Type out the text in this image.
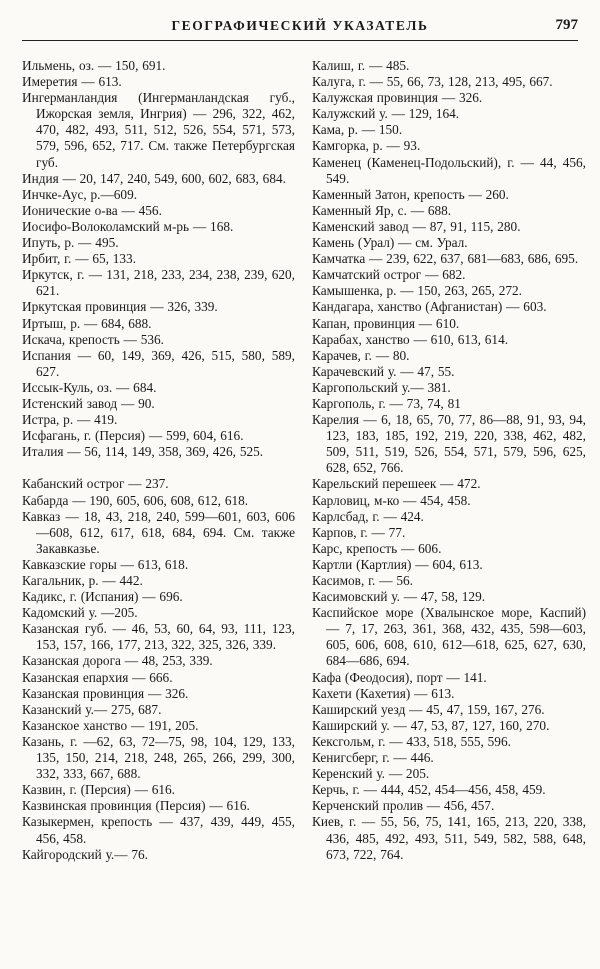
ГЕОГРАФИЧЕСКИЙ УКАЗАТЕЛЬ	797
Ильмень, оз. — 150, 691.
Имеретия — 613.
Ингерманландия (Ингерманландская губ., Ижорская земля, Ингрия) — 296, 322, 462, 470, 482, 493, 511, 512, 526, 554, 571, 573, 579, 596, 652, 717. См. также Петербургская губ.
Индия — 20, 147, 240, 549, 600, 602, 683, 684.
Инчке-Аус, р.—609.
Ионические о-ва — 456.
Иосифо-Волоколамский м-рь — 168.
Ипуть, р. — 495.
Ирбит, г. — 65, 133.
Иркутск, г. — 131, 218, 233, 234, 238, 239, 620, 621.
Иркутская провинция — 326, 339.
Иртыш, р. — 684, 688.
Искача, крепость — 536.
Испания — 60, 149, 369, 426, 515, 580, 589, 627.
Иссык-Куль, оз. — 684.
Истенский завод — 90.
Истра, р. — 419.
Исфагань, г. (Персия) — 599, 604, 616.
Италия — 56, 114, 149, 358, 369, 426, 525.
Кабанский острог — 237.
Кабарда — 190, 605, 606, 608, 612, 618.
Кавказ — 18, 43, 218, 240, 599—601, 603, 606—608, 612, 617, 618, 684, 694. См. также Закавказье.
Кавказские горы — 613, 618.
Кагальник, р. — 442.
Кадикс, г. (Испания) — 696.
Кадомский у. —205.
Казанская губ. — 46, 53, 60, 64, 93, 111, 123, 153, 157, 166, 177, 213, 322, 325, 326, 339.
Казанская дорога — 48, 253, 339.
Казанская епархия — 666.
Казанская провинция — 326.
Казанский у.— 275, 687.
Казанское ханство — 191, 205.
Казань, г. —62, 63, 72—75, 98, 104, 129, 133, 135, 150, 214, 218, 248, 265, 266, 299, 300, 332, 333, 667, 688.
Казвин, г. (Персия) — 616.
Казвинская провинция (Персия) — 616.
Казыкермен, крепость — 437, 439, 449, 455, 456, 458.
Кайгородский у.— 76.
Калиш, г. — 485.
Калуга, г. — 55, 66, 73, 128, 213, 495, 667.
Калужская провинция — 326.
Калужский у. — 129, 164.
Кама, р. — 150.
Камгорка, р. — 93.
Каменец (Каменец-Подольский), г. — 44, 456, 549.
Каменный Затон, крепость — 260.
Каменный Яр, с. — 688.
Каменский завод — 87, 91, 115, 280.
Камень (Урал) — см. Урал.
Камчатка — 239, 622, 637, 681—683, 686, 695.
Камчатский острог — 682.
Камышенка, р. — 150, 263, 265, 272.
Кандагара, ханство (Афганистан) — 603.
Капан, провинция — 610.
Карабах, ханство — 610, 613, 614.
Карачев, г. — 80.
Карачевский у. — 47, 55.
Каргопольский у.— 381.
Каргополь, г. — 73, 74, 81
Карелия — 6, 18, 65, 70, 77, 86—88, 91, 93, 94, 123, 183, 185, 192, 219, 220, 338, 462, 482, 509, 511, 519, 526, 554, 571, 579, 596, 625, 628, 652, 766.
Карельский перешеек — 472.
Карловиц, м-ко — 454, 458.
Карлсбад, г. — 424.
Карпов, г. — 77.
Карс, крепость — 606.
Картли (Картлия) — 604, 613.
Касимов, г. — 56.
Касимовский у. — 47, 58, 129.
Каспийское море (Хвалынское море, Каспий) — 7, 17, 263, 361, 368, 432, 435, 598—603, 605, 606, 608, 610, 612—618, 625, 627, 630, 684—686, 694.
Кафа (Феодосия), порт — 141.
Кахети (Кахетия) — 613.
Каширский уезд — 45, 47, 159, 167, 276.
Каширский у. — 47, 53, 87, 127, 160, 270.
Кексгольм, г. — 433, 518, 555, 596.
Кенигсберг, г. — 446.
Керенский у. — 205.
Керчь, г. — 444, 452, 454—456, 458, 459.
Керченский пролив — 456, 457.
Киев, г. — 55, 56, 75, 141, 165, 213, 220, 338, 436, 485, 492, 493, 511, 549, 582, 588, 648, 673, 722, 764.
